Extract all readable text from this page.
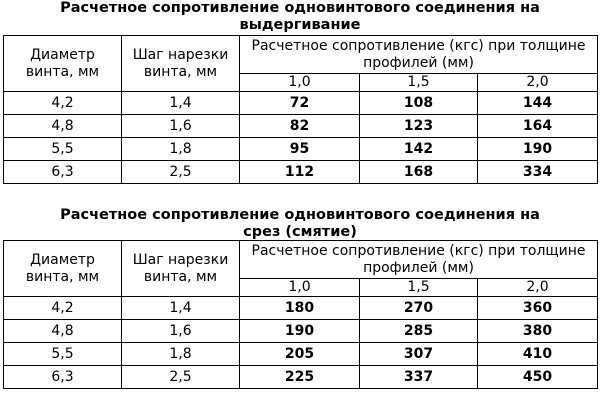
Расчетное сопротивление одновинтового соединения на выдергивание
Диаметр винта, мм	Шаг нарезки винта, мм	Расчетное сопротивление (кгс) при толщине профилей (мм)		
		1,0	1,5	2,0
4,2	1,4	72	108	144
4,8	1,6	82	123	164
5,5	1,8	95	142	190
6,3	2,5	112	168	334
Расчетное сопротивление одновинтового соединения на срез (смятие)
Диаметр винта, мм	Шаг нарезки винта, мм	Расчетное сопротивление (кгс) при толщине профилей (мм)		
		1,0	1,5	2,0
4,2	1,4	180	270	360
4,8	1,6	190	285	380
5,5	1,8	205	307	410
6,3	2,5	225	337	450
